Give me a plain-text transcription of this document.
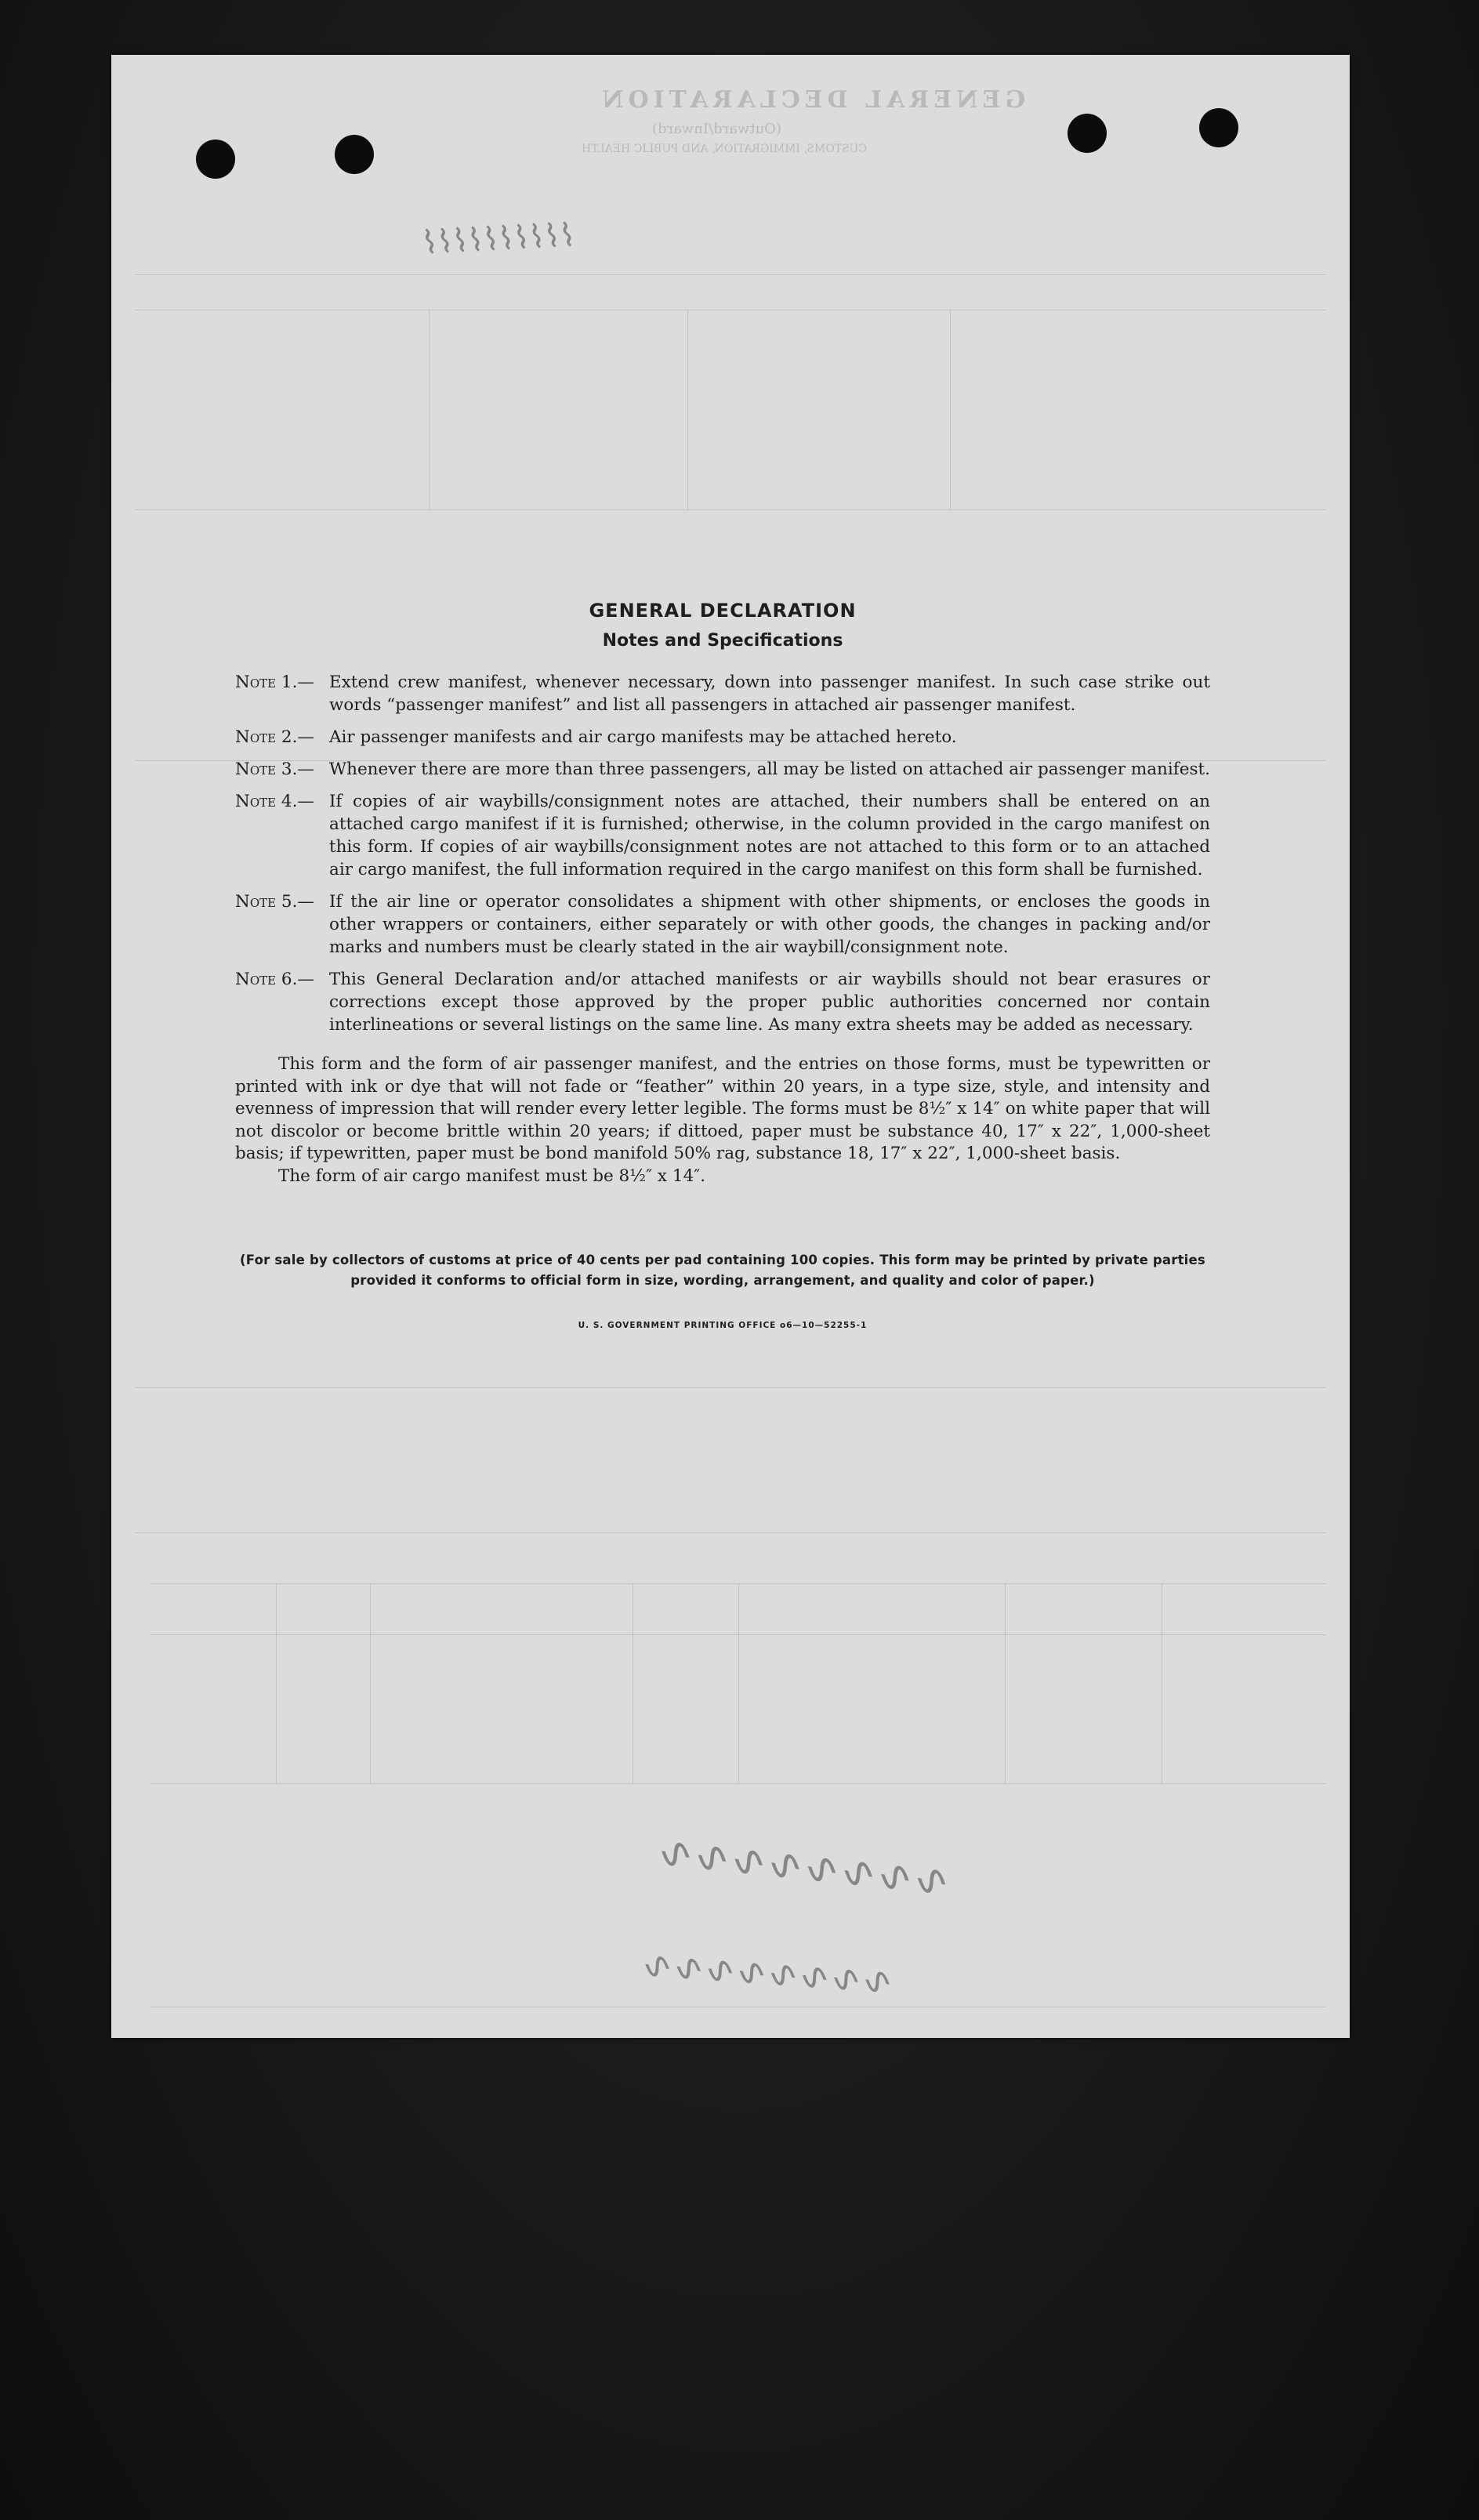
GENERAL DECLARATION
(Outward/Inward)
CUSTOMS, IMMIGRATION, AND PUBLIC HEALTH
⌇⌇⌇⌇⌇⌇⌇⌇⌇⌇
∿∿∿∿∿∿∿∿
∿∿∿∿∿∿∿∿
GENERAL DECLARATION
Notes and Specifications
Note 1.— Extend crew manifest, whenever necessary, down into passenger manifest. In such case strike out words “passenger manifest” and list all passengers in attached air passenger manifest.
Note 2.— Air passenger manifests and air cargo manifests may be attached hereto.
Note 3.— Whenever there are more than three passengers, all may be listed on attached air passenger manifest.
Note 4.— If copies of air waybills/consignment notes are attached, their numbers shall be entered on an attached cargo manifest if it is furnished; otherwise, in the column provided in the cargo manifest on this form. If copies of air waybills/consignment notes are not attached to this form or to an attached air cargo manifest, the full information required in the cargo manifest on this form shall be furnished.
Note 5.— If the air line or operator consolidates a shipment with other shipments, or encloses the goods in other wrappers or containers, either separately or with other goods, the changes in packing and/or marks and numbers must be clearly stated in the air waybill/consignment note.
Note 6.— This General Declaration and/or attached manifests or air waybills should not bear erasures or corrections except those approved by the proper public authorities concerned nor contain interlineations or several listings on the same line. As many extra sheets may be added as necessary.

This form and the form of air passenger manifest, and the entries on those forms, must be typewritten or printed with ink or dye that will not fade or “feather” within 20 years, in a type size, style, and intensity and evenness of impression that will render every letter legible. The forms must be 8½″ x 14″ on white paper that will not discolor or become brittle within 20 years; if dittoed, paper must be substance 40, 17″ x 22″, 1,000-sheet basis; if typewritten, paper must be bond manifold 50% rag, substance 18, 17″ x 22″, 1,000-sheet basis.

The form of air cargo manifest must be 8½″ x 14″.

(For sale by collectors of customs at price of 40 cents per pad containing 100 copies. This form may be printed by private parties provided it conforms to official form in size, wording, arrangement, and quality and color of paper.)
U. S. GOVERNMENT PRINTING OFFICE o6—10—52255-1
